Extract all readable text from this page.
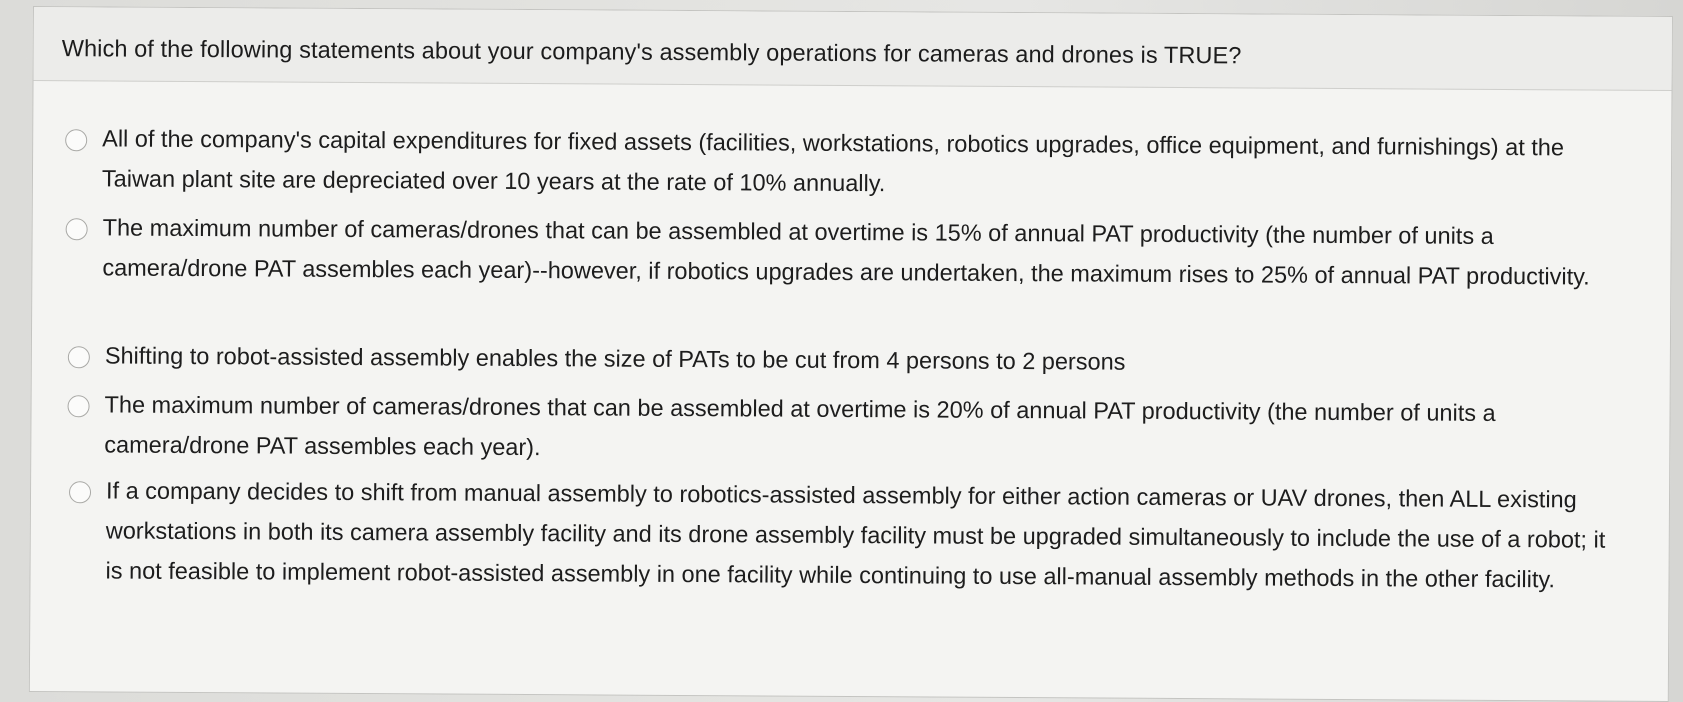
Which of the following statements about your company's assembly operations for cameras and drones is TRUE?
All of the company's capital expenditures for fixed assets (facilities, workstations, robotics upgrades, office equipment, and furnishings) at the Taiwan plant site are depreciated over 10 years at the rate of 10% annually.
The maximum number of cameras/drones that can be assembled at overtime is 15% of annual PAT productivity (the number of units a camera/drone PAT assembles each year)--however, if robotics upgrades are undertaken, the maximum rises to 25% of annual PAT productivity.
Shifting to robot-assisted assembly enables the size of PATs to be cut from 4 persons to 2 persons
The maximum number of cameras/drones that can be assembled at overtime is 20% of annual PAT productivity (the number of units a camera/drone PAT assembles each year).
If a company decides to shift from manual assembly to robotics-assisted assembly for either action cameras or UAV drones, then ALL existing workstations in both its camera assembly facility and its drone assembly facility must be upgraded simultaneously to include the use of a robot; it is not feasible to implement robot-assisted assembly in one facility while continuing to use all-manual assembly methods in the other facility.
